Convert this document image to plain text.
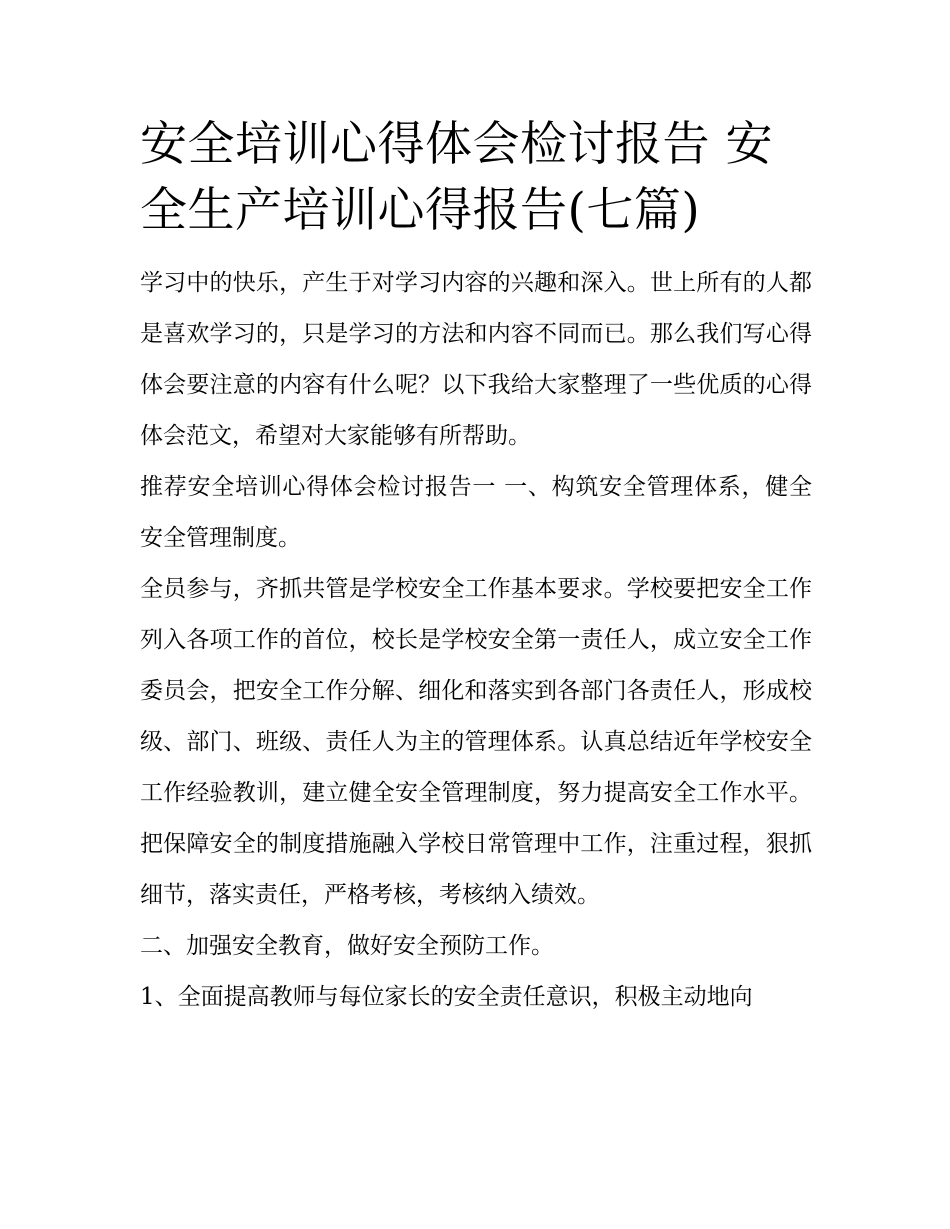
安全培训心得体会检讨报告 安全生产培训心得报告(七篇)

学习中的快乐，产生于对学习内容的兴趣和深入。世上所有的人都是喜欢学习的，只是学习的方法和内容不同而已。那么我们写心得体会要注意的内容有什么呢？以下我给大家整理了一些优质的心得体会范文，希望对大家能够有所帮助。

推荐安全培训心得体会检讨报告一 一、构筑安全管理体系，健全安全管理制度。

全员参与，齐抓共管是学校安全工作基本要求。学校要把安全工作列入各项工作的首位，校长是学校安全第一责任人，成立安全工作委员会，把安全工作分解、细化和落实到各部门各责任人，形成校级、部门、班级、责任人为主的管理体系。认真总结近年学校安全工作经验教训，建立健全安全管理制度，努力提高安全工作水平。把保障安全的制度措施融入学校日常管理中工作，注重过程，狠抓细节，落实责任，严格考核，考核纳入绩效。

二、加强安全教育，做好安全预防工作。

1、全面提高教师与每位家长的安全责任意识，积极主动地向
